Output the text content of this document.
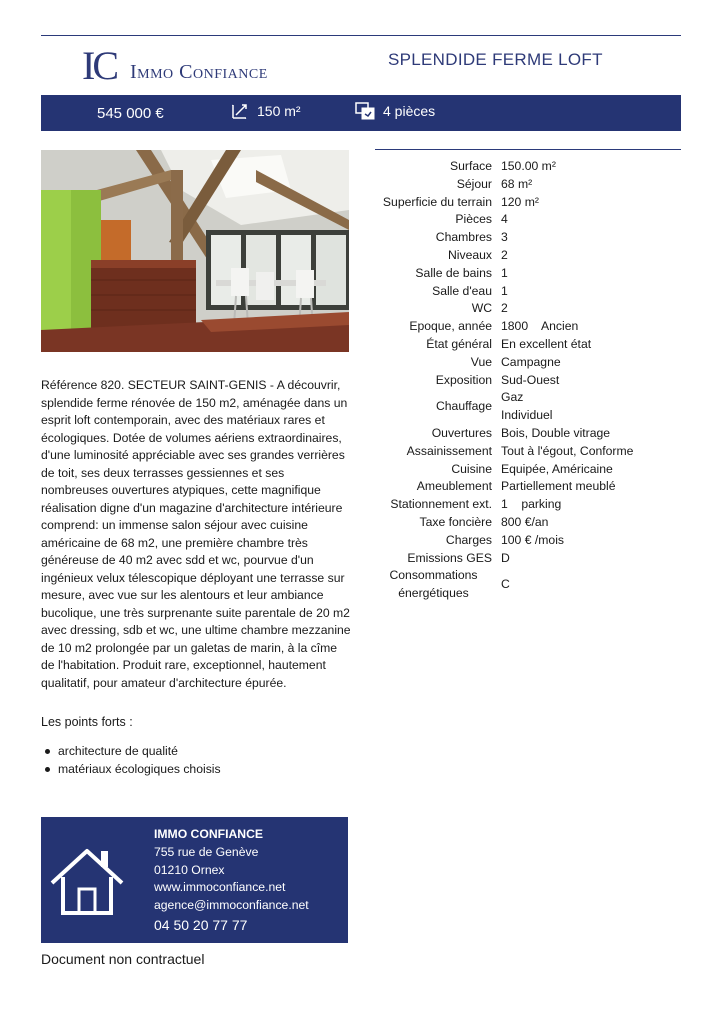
IC Immo Confiance
SPLENDIDE FERME LOFT
545 000 €	150 m²	4 pièces
Référence 820. SECTEUR SAINT-GENIS - A découvrir, splendide ferme rénovée de 150 m2, aménagée dans un esprit loft contemporain, avec des matériaux rares et écologiques. Dotée de volumes aériens extraordinaires, d'une luminosité appréciable avec ses grandes verrières de toit, ses deux terrasses gessiennes et ses nombreuses ouvertures atypiques, cette magnifique réalisation digne d'un magazine d'architecture intérieure comprend: un immense salon séjour avec cuisine américaine de 68 m2, une première chambre très généreuse de 40 m2 avec sdd et wc, pourvue d'un ingénieux velux télescopique déployant une terrasse sur mesure, avec vue sur les alentours et leur ambiance bucolique, une très surprenante suite parentale de 20 m2 avec dressing, sdb et wc, une ultime chambre mezzanine de 10 m2 prolongée par un galetas de marin, à la cîme de l'habitation. Produit rare, exceptionnel, hautement qualitatif, pour amateur d'architecture épurée.
Les points forts :
architecture de qualité
matériaux écologiques choisis
Surface 150.00 m²
Séjour 68 m²
Superficie du terrain 120 m²
Pièces 4
Chambres 3
Niveaux 2
Salle de bains 1
Salle d'eau 1
WC 2
Epoque, année 1800    Ancien
État général En excellent état
Vue Campagne
Exposition Sud-Ouest
Chauffage
Gaz
Individuel
Ouvertures Bois, Double vitrage
Assainissement Tout à l'égout, Conforme
Cuisine Equipée, Américaine
Ameublement Partiellement meublé
Stationnement ext. 1    parking
Taxe foncière 800 €/an
Charges 100 € /mois
Emissions GES D
Consommations énergétiques
C
IMMO CONFIANCE
755 rue de Genève
01210 Ornex
www.immoconfiance.net
agence@immoconfiance.net
04 50 20 77 77
Document non contractuel
